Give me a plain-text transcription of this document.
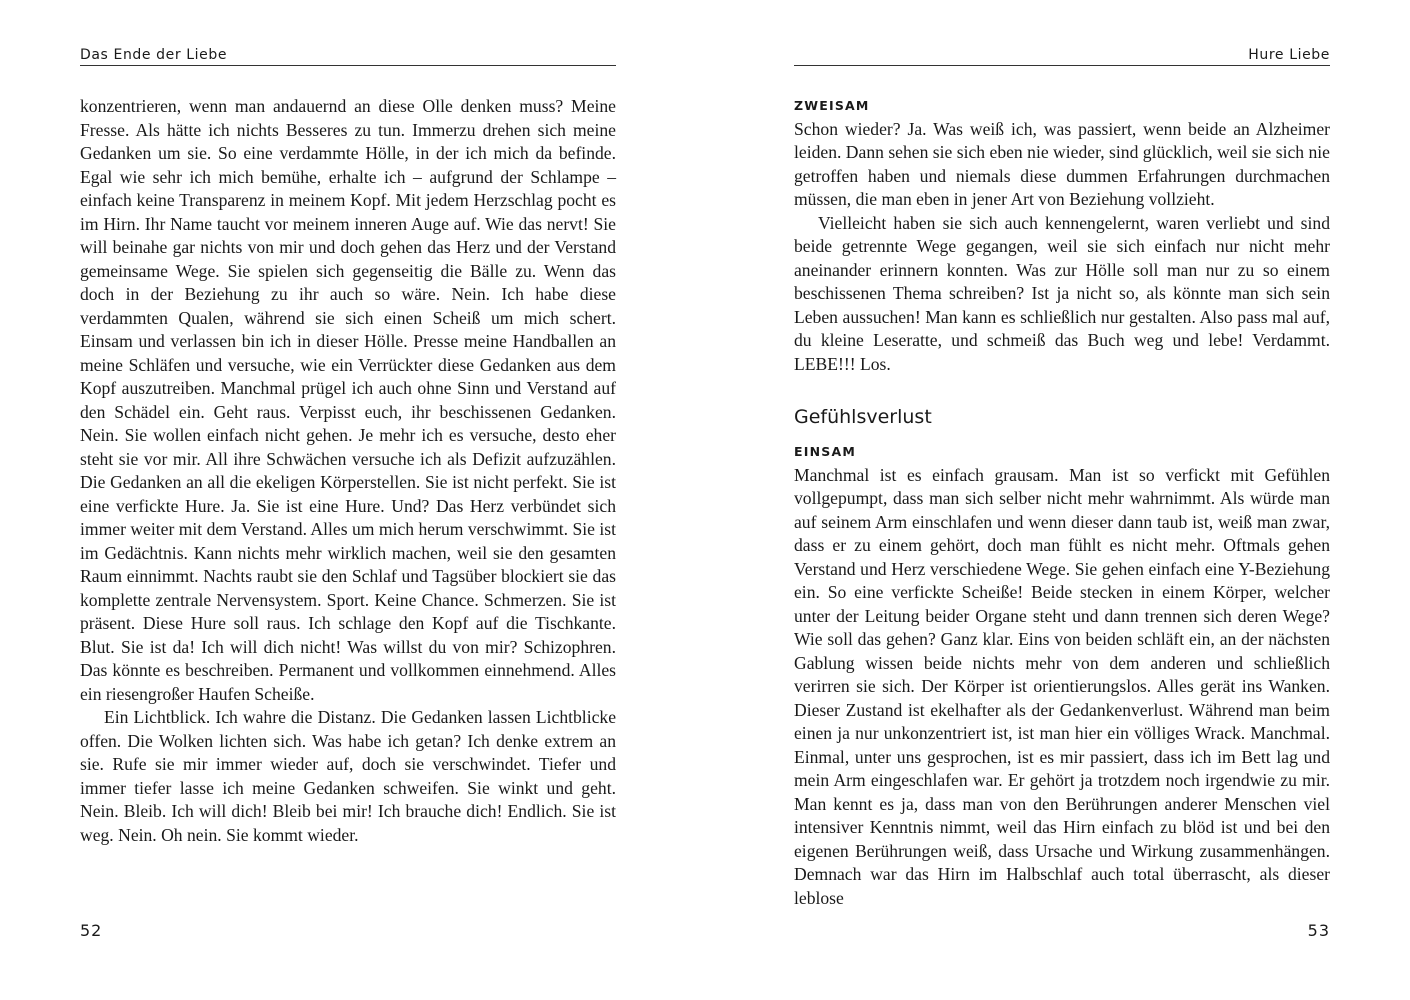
Das Ende der Liebe

konzentrieren, wenn man andauernd an diese Olle denken muss? Meine Fresse. Als hätte ich nichts Besseres zu tun. Immerzu drehen sich meine Gedanken um sie. So eine verdammte Hölle, in der ich mich da befinde. Egal wie sehr ich mich bemühe, erhalte ich – aufgrund der Schlampe – einfach keine Transparenz in meinem Kopf. Mit jedem Herzschlag pocht es im Hirn. Ihr Name taucht vor meinem inneren Auge auf. Wie das nervt! Sie will beinahe gar nichts von mir und doch gehen das Herz und der Verstand gemeinsame Wege. Sie spielen sich gegenseitig die Bälle zu. Wenn das doch in der Beziehung zu ihr auch so wäre. Nein. Ich habe diese verdammten Qualen, während sie sich einen Scheiß um mich schert. Einsam und verlassen bin ich in dieser Hölle. Presse meine Handballen an meine Schläfen und versuche, wie ein Verrückter diese Gedanken aus dem Kopf auszutreiben. Manchmal prügel ich auch ohne Sinn und Verstand auf den Schädel ein. Geht raus. Verpisst euch, ihr beschissenen Gedanken. Nein. Sie wollen einfach nicht gehen. Je mehr ich es versuche, desto eher steht sie vor mir. All ihre Schwächen versuche ich als Defizit aufzuzählen. Die Gedanken an all die ekeligen Körperstellen. Sie ist nicht perfekt. Sie ist eine verfickte Hure. Ja. Sie ist eine Hure. Und? Das Herz verbündet sich immer weiter mit dem Verstand. Alles um mich herum verschwimmt. Sie ist im Gedächtnis. Kann nichts mehr wirklich machen, weil sie den gesamten Raum einnimmt. Nachts raubt sie den Schlaf und Tagsüber blockiert sie das komplette zentrale Nervensystem. Sport. Keine Chance. Schmerzen. Sie ist präsent. Diese Hure soll raus. Ich schlage den Kopf auf die Tischkante. Blut. Sie ist da! Ich will dich nicht! Was willst du von mir? Schizophren. Das könnte es beschreiben. Permanent und vollkommen einnehmend. Alles ein riesengroßer Haufen Scheiße.

Ein Lichtblick. Ich wahre die Distanz. Die Gedanken lassen Lichtblicke offen. Die Wolken lichten sich. Was habe ich getan? Ich denke extrem an sie. Rufe sie mir immer wieder auf, doch sie verschwindet. Tiefer und immer tiefer lasse ich meine Gedanken schweifen. Sie winkt und geht. Nein. Bleib. Ich will dich! Bleib bei mir! Ich brauche dich! Endlich. Sie ist weg. Nein. Oh nein. Sie kommt wieder.

52
Hure Liebe
ZWEISAM

Schon wieder? Ja. Was weiß ich, was passiert, wenn beide an Alzheimer leiden. Dann sehen sie sich eben nie wieder, sind glücklich, weil sie sich nie getroffen haben und niemals diese dummen Erfahrungen durchmachen müssen, die man eben in jener Art von Beziehung vollzieht.

Vielleicht haben sie sich auch kennengelernt, waren verliebt und sind beide getrennte Wege gegangen, weil sie sich einfach nur nicht mehr aneinander erinnern konnten. Was zur Hölle soll man nur zu so einem beschissenen Thema schreiben? Ist ja nicht so, als könnte man sich sein Leben aussuchen! Man kann es schließlich nur gestalten. Also pass mal auf, du kleine Leseratte, und schmeiß das Buch weg und lebe! Verdammt. LEBE!!! Los.

Gefühlsverlust
EINSAM

Manchmal ist es einfach grausam. Man ist so verfickt mit Gefühlen vollgepumpt, dass man sich selber nicht mehr wahrnimmt. Als würde man auf seinem Arm einschlafen und wenn dieser dann taub ist, weiß man zwar, dass er zu einem gehört, doch man fühlt es nicht mehr. Oftmals gehen Verstand und Herz verschiedene Wege. Sie gehen einfach eine Y-Beziehung ein. So eine verfickte Scheiße! Beide stecken in einem Körper, welcher unter der Leitung beider Organe steht und dann trennen sich deren Wege? Wie soll das gehen? Ganz klar. Eins von beiden schläft ein, an der nächsten Gablung wissen beide nichts mehr von dem anderen und schließlich verirren sie sich. Der Körper ist orientierungslos. Alles gerät ins Wanken. Dieser Zustand ist ekelhafter als der Gedankenverlust. Während man beim einen ja nur unkonzentriert ist, ist man hier ein völliges Wrack. Manchmal. Einmal, unter uns gesprochen, ist es mir passiert, dass ich im Bett lag und mein Arm eingeschlafen war. Er gehört ja trotzdem noch irgendwie zu mir. Man kennt es ja, dass man von den Berührungen anderer Menschen viel intensiver Kenntnis nimmt, weil das Hirn einfach zu blöd ist und bei den eigenen Berührungen weiß, dass Ursache und Wirkung zusammenhängen. Demnach war das Hirn im Halbschlaf auch total überrascht, als dieser leblose

53
